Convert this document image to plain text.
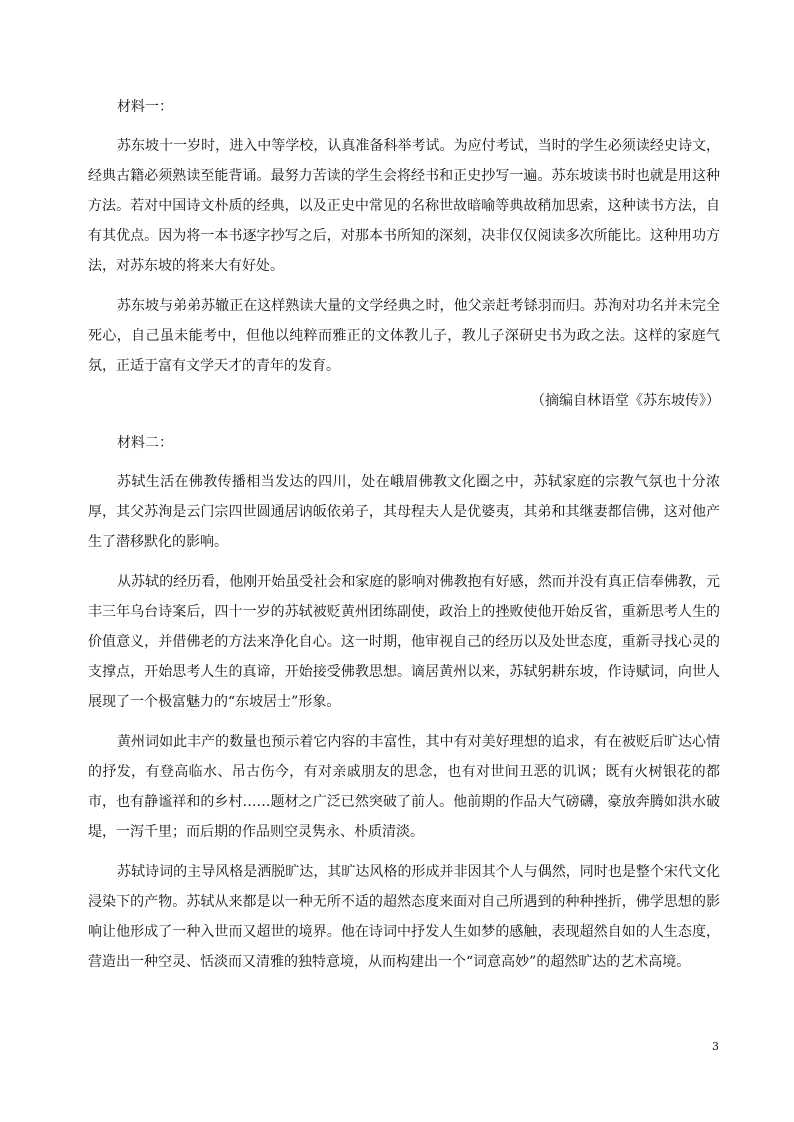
材料一：

苏东坡十一岁时，进入中等学校，认真准备科举考试。为应付考试，当时的学生必须读经史诗文，经典古籍必须熟读至能背诵。最努力苦读的学生会将经书和正史抄写一遍。苏东坡读书时也就是用这种方法。若对中国诗文朴质的经典，以及正史中常见的名称世故暗喻等典故稍加思索，这种读书方法，自有其优点。因为将一本书逐字抄写之后，对那本书所知的深刻，决非仅仅阅读多次所能比。这种用功方法，对苏东坡的将来大有好处。

苏东坡与弟弟苏辙正在这样熟读大量的文学经典之时，他父亲赶考铩羽而归。苏洵对功名并未完全死心，自己虽未能考中，但他以纯粹而雅正的文体教儿子，教儿子深研史书为政之法。这样的家庭气氛，正适于富有文学天才的青年的发育。

（摘编自林语堂《苏东坡传》）
材料二：

苏轼生活在佛教传播相当发达的四川，处在峨眉佛教文化圈之中，苏轼家庭的宗教气氛也十分浓厚，其父苏洵是云门宗四世圆通居讷皈依弟子，其母程夫人是优婆夷，其弟和其继妻都信佛，这对他产生了潜移默化的影响。

从苏轼的经历看，他刚开始虽受社会和家庭的影响对佛教抱有好感，然而并没有真正信奉佛教，元丰三年乌台诗案后，四十一岁的苏轼被贬黄州团练副使，政治上的挫败使他开始反省，重新思考人生的价值意义，并借佛老的方法来净化自心。这一时期，他审视自己的经历以及处世态度，重新寻找心灵的支撑点，开始思考人生的真谛，开始接受佛教思想。谪居黄州以来，苏轼躬耕东坡，作诗赋词，向世人展现了一个极富魅力的“东坡居士”形象。

黄州词如此丰产的数量也预示着它内容的丰富性，其中有对美好理想的追求，有在被贬后旷达心情的抒发，有登高临水、吊古伤今，有对亲戚朋友的思念，也有对世间丑恶的讥讽；既有火树银花的都市，也有静谧祥和的乡村……题材之广泛已然突破了前人。他前期的作品大气磅礴，豪放奔腾如洪水破堤，一泻千里；而后期的作品则空灵隽永、朴质清淡。

苏轼诗词的主导风格是洒脱旷达，其旷达风格的形成并非因其个人与偶然，同时也是整个宋代文化浸染下的产物。苏轼从来都是以一种无所不适的超然态度来面对自己所遇到的种种挫折，佛学思想的影响让他形成了一种入世而又超世的境界。他在诗词中抒发人生如梦的感触，表现超然自如的人生态度，营造出一种空灵、恬淡而又清雅的独特意境，从而构建出一个“词意高妙”的超然旷达的艺术高境。

3
